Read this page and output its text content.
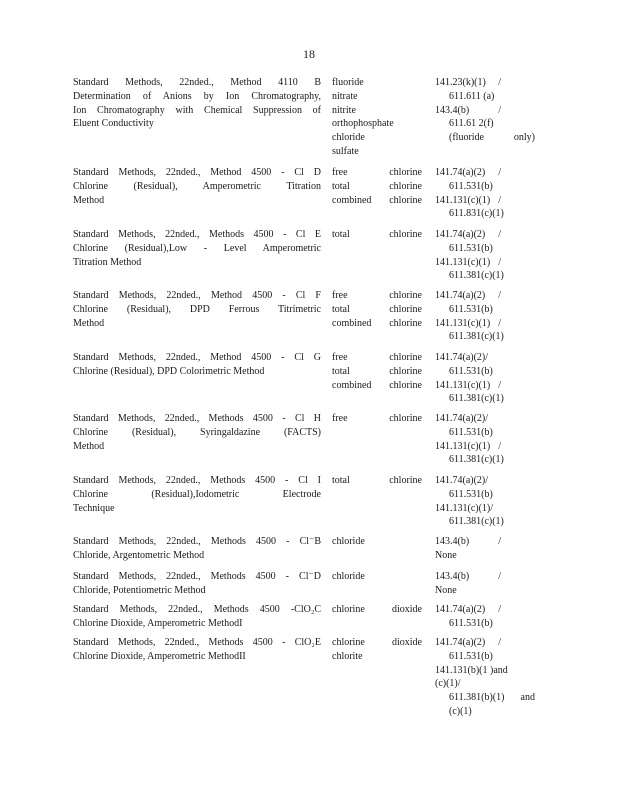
18
Standard Methods, 22nded., Method 4110 B
Determination of Anions by Ion Chromatography,
Ion Chromatography with Chemical Suppression of
Eluent Conductivity
fluoride
nitrate
nitrite
orthophosphate
chloride
sulfate
141.23(k)(1) /
611.611 (a)
143.4(b) /
611.61 2(f)
(fluoride only)
Standard Methods, 22nded., Method 4500 - Cl D
Chlorine (Residual), Amperometric Titration
Method
free chlorine
total chlorine
combined chlorine
141.74(a)(2) /
611.531(b)
141.131(c)(1) /
611.831(c)(1)
Standard Methods, 22nded., Methods 4500 - Cl E
Chlorine (Residual),Low - Level Amperometric
Titration Method
total chlorine 141.74(a)(2) /
611.531(b)
141.131(c)(1) /
611.381(c)(1)
Standard Methods, 22nded., Method 4500 - Cl F
Chlorine (Residual), DPD Ferrous Titrimetric
Method
free chlorine
total chlorine
combined chlorine
141.74(a)(2) /
611.531(b)
141.131(c)(1) /
611.381(c)(1)
Standard Methods, 22nded., Method 4500 - Cl G
Chlorine (Residual), DPD Colorimetric Method
free chlorine
total chlorine
combined chlorine
141.74(a)(2)/
611.531(b)
141.131(c)(1) /
611.381(c)(1)
Standard Methods, 22nded., Methods 4500 - Cl H
Chlorine (Residual), Syringaldazine (FACTS)
Method
free chlorine 141.74(a)(2)/
611.531(b)
141.131(c)(1) /
611.381(c)(1)
Standard Methods, 22nded., Methods 4500 - Cl I
Chlorine (Residual),Iodometric Electrode
Technique
total chlorine 141.74(a)(2)/
611.531(b)
141.131(c)(1)/
611.381(c)(1)
Standard Methods, 22nded., Methods 4500 - Cl⁻B
Chloride, Argentometric Method
chloride	143.4(b) /
None
Standard Methods, 22nded., Methods 4500 - Cl⁻D
Chloride, Potentiometric Method
chloride	143.4(b) /
None
Standard Methods, 22nded., Methods 4500 -ClO₂C
Chlorine Dioxide, Amperometric MethodI
chlorine dioxide 141.74(a)(2) /
611.531(b)
Standard Methods, 22nded., Methods 4500 - ClO₂E
Chlorine Dioxide, Amperometric MethodII
chlorine dioxide
chlorite
141.74(a)(2) /
611.531(b)
141.131(b)(1 )and
(c)(1)/
611.381(b)(1) and
(c)(1)
